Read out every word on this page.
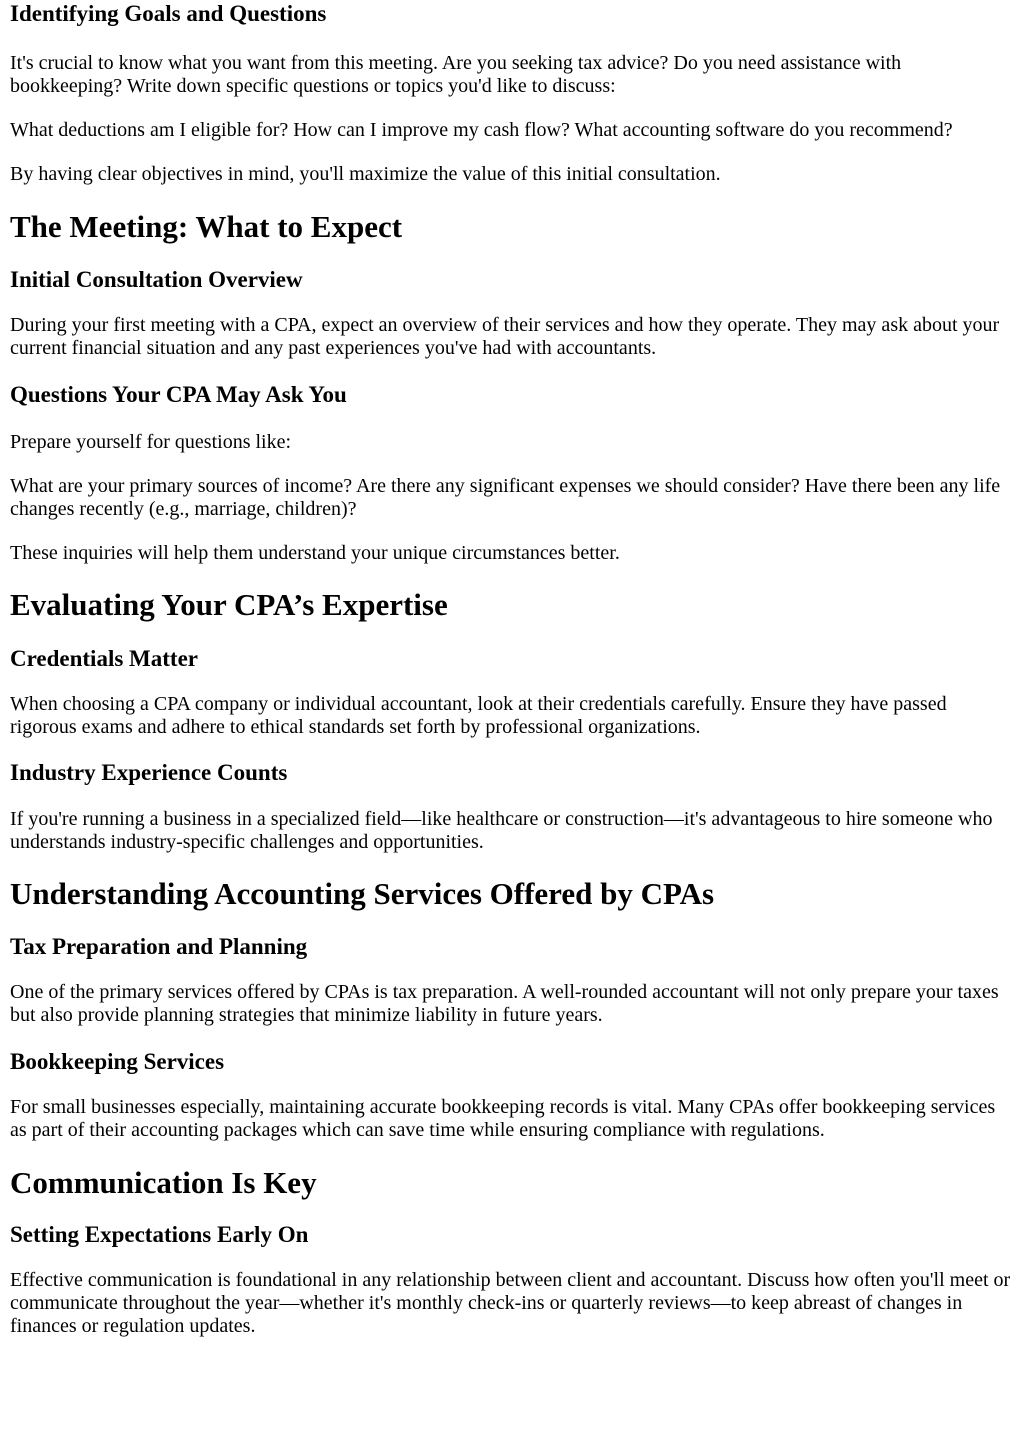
Identifying Goals and Questions

It's crucial to know what you want from this meeting. Are you seeking tax advice? Do you need assistance with bookkeeping? Write down specific questions or topics you'd like to discuss:

What deductions am I eligible for? How can I improve my cash flow? What accounting software do you recommend?

By having clear objectives in mind, you'll maximize the value of this initial consultation.

The Meeting: What to Expect
Initial Consultation Overview

During your first meeting with a CPA, expect an overview of their services and how they operate. They may ask about your current financial situation and any past experiences you've had with accountants.

Questions Your CPA May Ask You

Prepare yourself for questions like:

What are your primary sources of income? Are there any significant expenses we should consider? Have there been any life changes recently (e.g., marriage, children)?

These inquiries will help them understand your unique circumstances better.

Evaluating Your CPA’s Expertise
Credentials Matter

When choosing a CPA company or individual accountant, look at their credentials carefully. Ensure they have passed rigorous exams and adhere to ethical standards set forth by professional organizations.

Industry Experience Counts

If you're running a business in a specialized field—like healthcare or construction—it's advantageous to hire someone who understands industry-specific challenges and opportunities.

Understanding Accounting Services Offered by CPAs
Tax Preparation and Planning

One of the primary services offered by CPAs is tax preparation. A well-rounded accountant will not only prepare your taxes but also provide planning strategies that minimize liability in future years.

Bookkeeping Services

For small businesses especially, maintaining accurate bookkeeping records is vital. Many CPAs offer bookkeeping services as part of their accounting packages which can save time while ensuring compliance with regulations.

Communication Is Key
Setting Expectations Early On

Effective communication is foundational in any relationship between client and accountant. Discuss how often you'll meet or communicate throughout the year—whether it's monthly check-ins or quarterly reviews—to keep abreast of changes in finances or regulation updates.
